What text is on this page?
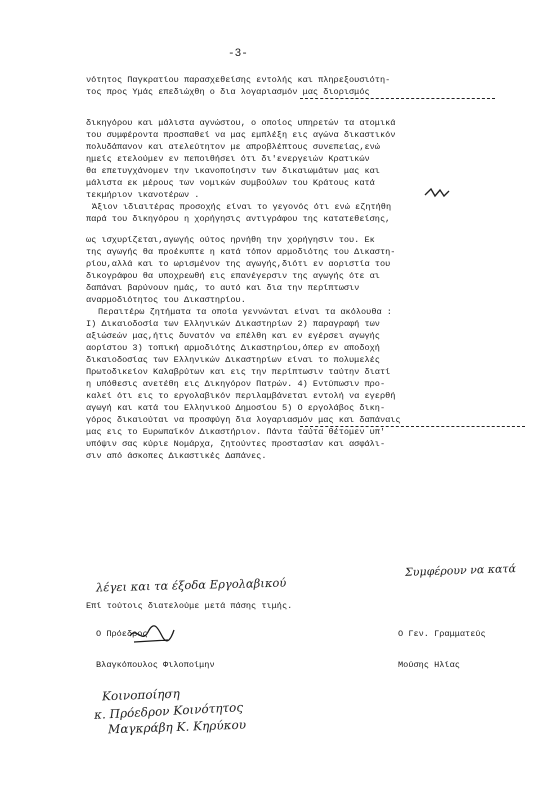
-3-
νότητος Παγκρατίου παρασχεθείσης εντολής και πληρεξουσιότη-
τος προς Υμάς επεδιώχθη ο δια λογαριασμόν μας διορισμός
δικηγόρου και μάλιστα αγνώστου, ο οποίος υπηρετών τα ατομικά
του συμφέροντα προσπαθεί να μας εμπλέξη εις αγώνα δικαστικόν
πολυδάπανον και ατελεύτητον με απροβλέπτους συνεπείας,ενώ
ημείς ετελούμεν εν πεποιθήσει ότι δι'ενεργειών Κρατικών
θα επετυγχάνομεν την ικανοποίησιν των δικαιωμάτων μας και
μάλιστα εκ μέρους των νομικών συμβούλων του Κράτους κατά
τεκμήριον ικανοτέρων .
Άξιον ιδιαιτέρας προσοχής είναι το γεγονός ότι ενώ εζητήθη
παρά του δικηγόρου η χορήγησις αντιγράφου της κατατεθείσης,
ως ισχυρίζεται,αγωγής ούτος ηρνήθη την χορήγησιν του. Εκ
της αγωγής θα προέκυπτε η κατά τόπον αρμοδιότης του Δικαστη-
ρίου,αλλά και το ωρισμένον της αγωγής,διότι εν αοριστία του
δικογράφου θα υποχρεωθή εις επανέγερσιν της αγωγής ότε αι
δαπάναι βαρύνουν ημάς, το αυτό και δια την περίπτωσιν
αναρμοδιότητος του Δικαστηρίου.
Περαιτέρω ζητήματα τα οποία γεννώνται είναι τα ακόλουθα :
I) Δικαιοδοσία των Ελληνικών Δικαστηρίων 2) παραγραφή των
αξιώσεών μας,ήτις δυνατόν να επέλθη και εν εγέρσει αγωγής
αορίστου 3) τοπική αρμοδιότης Δικαστηρίου,όπερ εν αποδοχή
δικαιοδοσίας των Ελληνικών Δικαστηρίων είναι το πολυμελές
Πρωτοδικείον Καλαβρύτων και εις την περίπτωσιν ταύτην διατί
η υπόθεσις ανετέθη εις Δικηγόρον Πατρών. 4) Εντύπωσιν προ-
καλεί ότι εις το εργολαβικόν περιλαμβάνεται εντολή να εγερθή
αγωγή και κατά του Ελληνικού Δημοσίου 5) Ο εργολάβος δικη-
γόρος δικαιούται να προσφύγη δια λογαριασμόν μας και δαπάναις
μας εις το Ευρωπαϊκόν Δικαστήριον. Πάντα ταύτα θέτομεν υπ'
υπόψιν σας κύριε Νομάρχα, ζητούντες προστασίαν και ασφάλι-
σιν από άσκοπες Δικαστικές Δαπάνες.
Συμφέρουν να κατά
λέγει και τα έξοδα Εργολαβικού
Επί τούτοις διατελούμε μετά πάσης τιμής.
Ο Πρόεδρος	Ο Γεν. Γραμματεύς
Βλαγκόπουλος Φιλοποίμην	Μούσης Ηλίας
Κοινοποίηση
κ. Πρόεδρον Κοινότητος
Μαγκράβη Κ. Κηρύκου
